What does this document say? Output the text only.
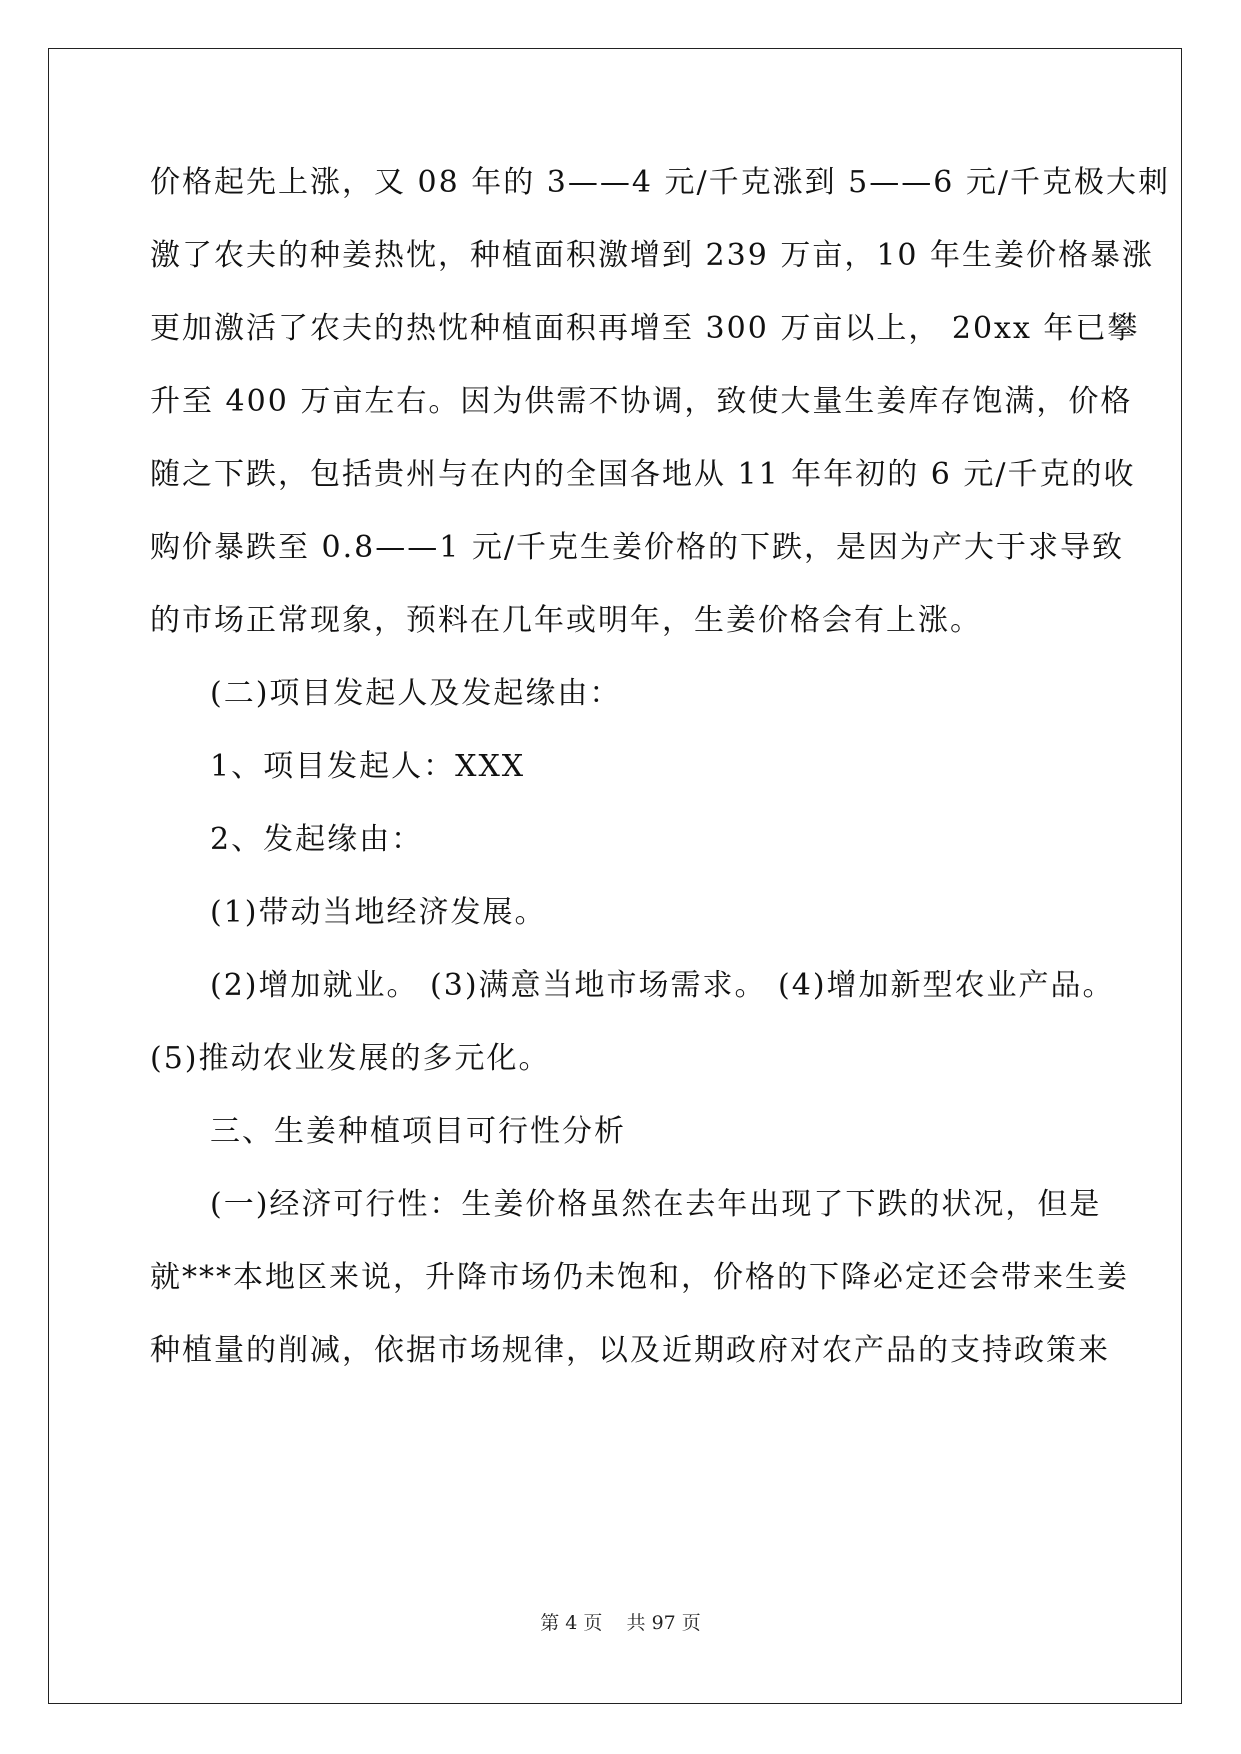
价格起先上涨，又 08 年的 3——4 元/千克涨到 5——6 元/千克极大刺
激了农夫的种姜热忱，种植面积激增到 239 万亩，10 年生姜价格暴涨
更加激活了农夫的热忱种植面积再增至 300 万亩以上， 20xx 年已攀
升至 400 万亩左右。因为供需不协调，致使大量生姜库存饱满，价格
随之下跌，包括贵州与在内的全国各地从 11 年年初的 6 元/千克的收
购价暴跌至 0.8——1 元/千克生姜价格的下跌，是因为产大于求导致
的市场正常现象，预料在几年或明年，生姜价格会有上涨。
(二)项目发起人及发起缘由：
1、项目发起人：XXX
2、发起缘由：
(1)带动当地经济发展。
(2)增加就业。 (3)满意当地市场需求。 (4)增加新型农业产品。
(5)推动农业发展的多元化。
三、生姜种植项目可行性分析
(一)经济可行性：生姜价格虽然在去年出现了下跌的状况，但是
就***本地区来说，升降市场仍未饱和，价格的下降必定还会带来生姜
种植量的削减，依据市场规律，以及近期政府对农产品的支持政策来
第 4 页    共 97 页
